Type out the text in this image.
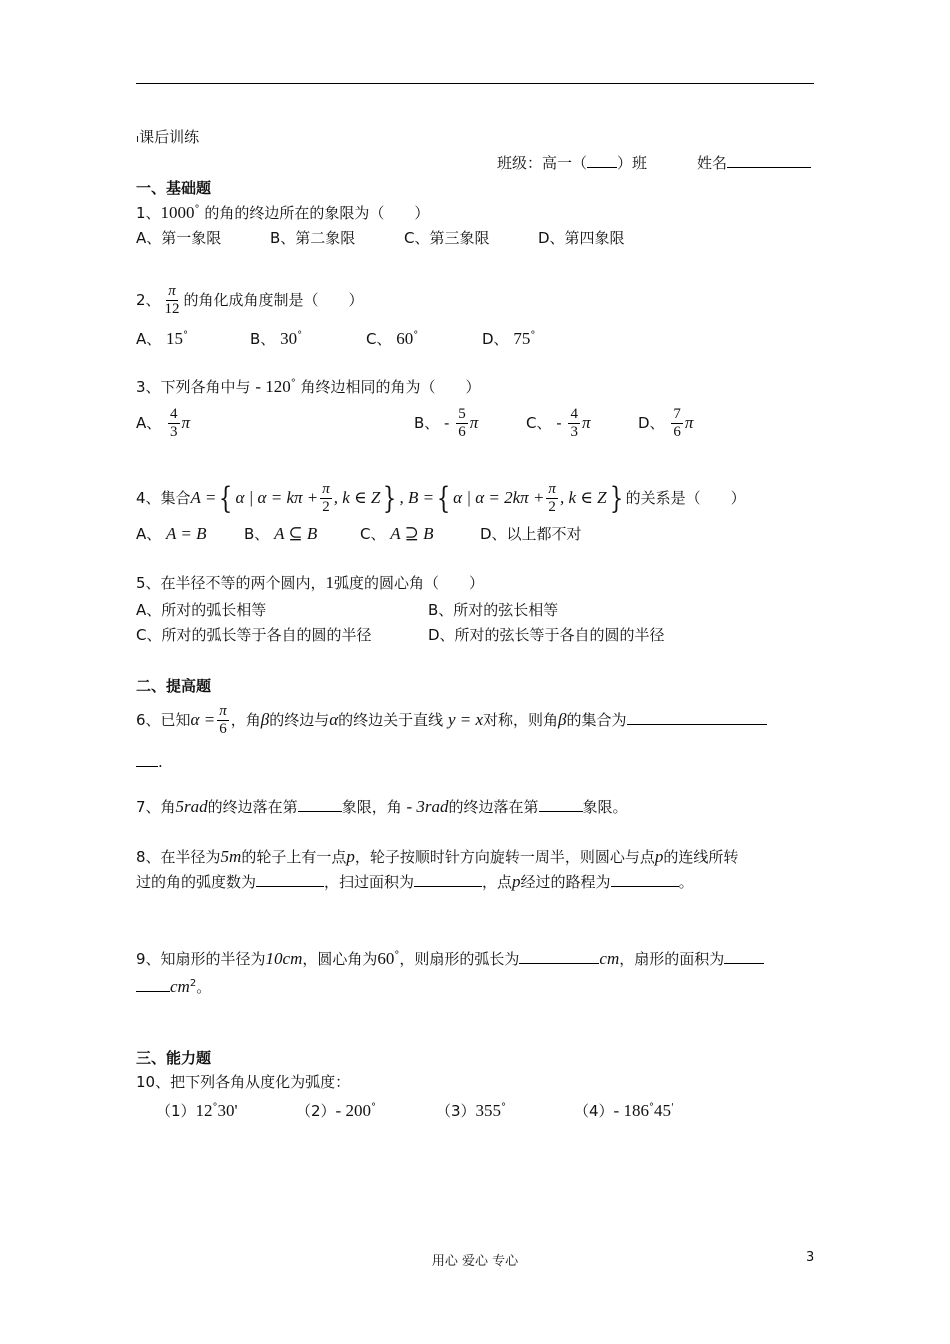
ı课后训练
班级：高一（ ）班	姓名
一、基础题
1、1000° 的角的终边所在的象限为（　　）
A、第一象限	B、第二象限	C、第三象限	D、第四象限
2、 $\frac{\pi}{12}$ 的角化成角度制是（　　）
A、 15°	B、 30°	C、 60°	D、 75°
3、下列各角中与 - 120° 角终边相同的角为（　　）
A、 $\frac{4}{3}$ π	B、 - $\frac{5}{6}$ π	C、 - $\frac{4}{3}$ π	D、 $\frac{7}{6}$ π
4、集合A ={ α | $\alpha = k\pi + \frac{\pi}{2}$ , k ∈ Z} , B ={ α | $\alpha = 2k\pi + \frac{\pi}{2}$ , k ∈ Z} 的关系是（　　）
A、 A = B	B、 A ⊆ B	C、 A ⊇ B	D、以上都不对
5、在半径不等的两个圆内，1弧度的圆心角（　　）
A、所对的弧长相等	B、所对的弦长相等
C、所对的弧长等于各自的圆的半径	D、所对的弦长等于各自的圆的半径
二、提高题
6、已知$\alpha = \frac{\pi}{6}$ ，角β的终边与α的终边关于直线 y = x对称，则角β的集合为
.
7、角5rad的终边落在第	象限，角 - 3rad的终边落在第	象限。
8、在半径为5m的轮子上有一点p，轮子按顺时针方向旋转一周半，则圆心与点p的连线所转
过的角的弧度数为	，扫过面积为	，点p经过的路程为	。
9、知扇形的半径为10cm，圆心角为60°，则扇形的弧长为	cm，扇形的面积为
$cm^2$。
三、能力题
10、把下列各角从度化为弧度：
（1）12°30'	（2）- 200°	（3）355°	（4）- 186°45'
用心 爱心 专心	3
